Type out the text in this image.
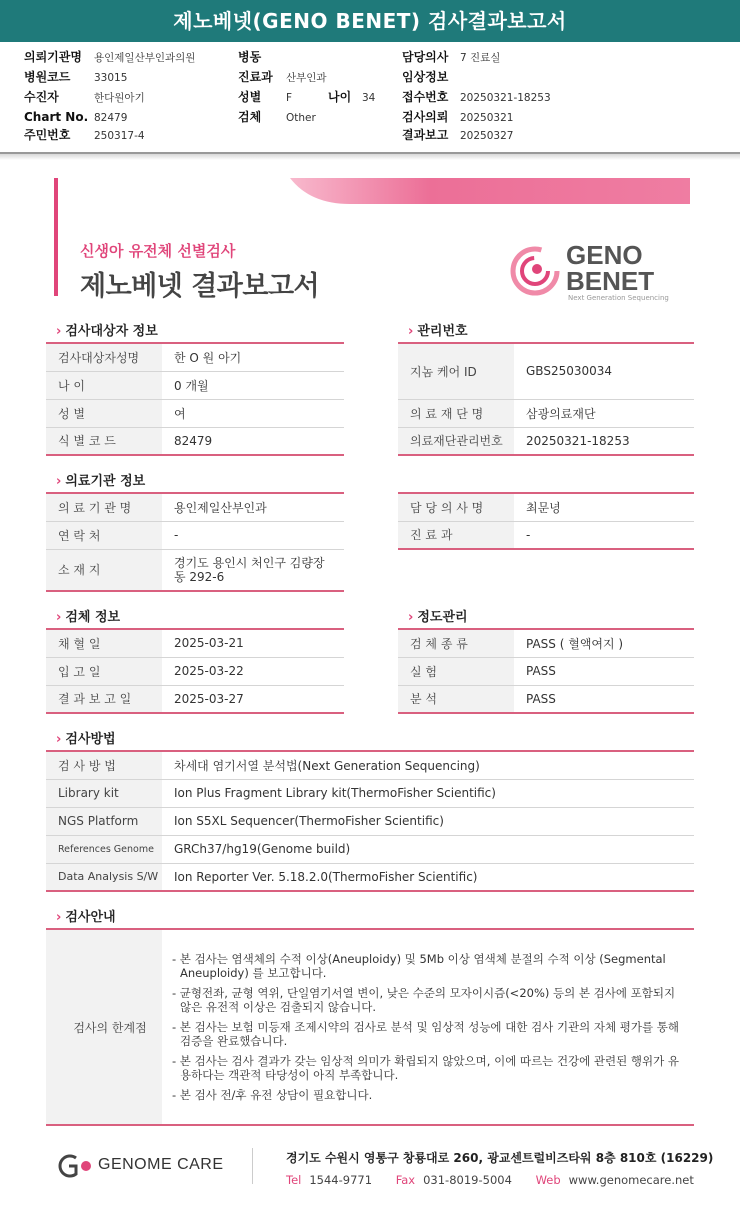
제노베넷(GENO BENET) 검사결과보고서
의뢰기관명 용인제일산부인과의원
병원코드 33015
수진자	한다원아기
Chart No. 82479
주민번호 250317-4
병동
진료과 산부인과
성별 F	나이 34
검체 Other
담당의사 7 진료실
임상정보
접수번호 20250321-18253
검사의뢰 20250321
결과보고 20250327
신생아 유전체 선별검사
제노베넷 결과보고서
GENO
BENET
Next Generation Sequencing
› 검사대상자 정보
검사대상자성명	한 O 원 아기
나 이	0 개월
성 별	여
식 별 코 드	82479
› 관리번호
지놈 케어 ID	GBS25030034
의 료 재 단 명	삼광의료재단
의료재단관리번호	20250321-18253
› 의료기관 정보
의 료 기 관 명	용인제일산부인과
연 락 처	-
소 재 지	경기도 용인시 처인구 김량장동 292-6
담 당 의 사 명	최문녕
진 료 과	-
› 검체 정보
채 혈 일	2025-03-21
입 고 일	2025-03-22
결 과 보 고 일	2025-03-27
› 정도관리
검 체 종 류	PASS ( 혈액여지 )
실 험	PASS
분 석	PASS
› 검사방법
검 사 방 법	차세대 염기서열 분석법(Next Generation Sequencing)
Library kit	Ion Plus Fragment Library kit(ThermoFisher Scientific)
NGS Platform	Ion S5XL Sequencer(ThermoFisher Scientific)
References Genome	GRCh37/hg19(Genome build)
Data Analysis S/W	Ion Reporter Ver. 5.18.2.0(ThermoFisher Scientific)
› 검사안내
검사의 한계점	
- 본 검사는 염색체의 수적 이상(Aneuploidy) 및 5Mb 이상 염색체 분절의 수적 이상 (Segmental Aneuploidy) 를 보고합니다.
- 균형전좌, 균형 역위, 단일염기서열 변이, 낮은 수준의 모자이시즘(<20%) 등의 본 검사에 포함되지 않은 유전적 이상은 검출되지 않습니다.
- 본 검사는 보험 미등재 조제시약의 검사로 분석 및 임상적 성능에 대한 검사 기관의 자체 평가를 통해 검증을 완료했습니다.
- 본 검사는 검사 결과가 갖는 임상적 의미가 확립되지 않았으며, 이에 따르는 건강에 관련된 행위가 유용하다는 객관적 타당성이 아직 부족합니다.
- 본 검사 전/후 유전 상담이 필요합니다.
GENOME CARE	경기도 수원시 영통구 창룡대로 260, 광교센트럴비즈타워 8층 810호 (16229)
Tel 1544-9771 Fax 031-8019-5004 Web www.genomecare.net
